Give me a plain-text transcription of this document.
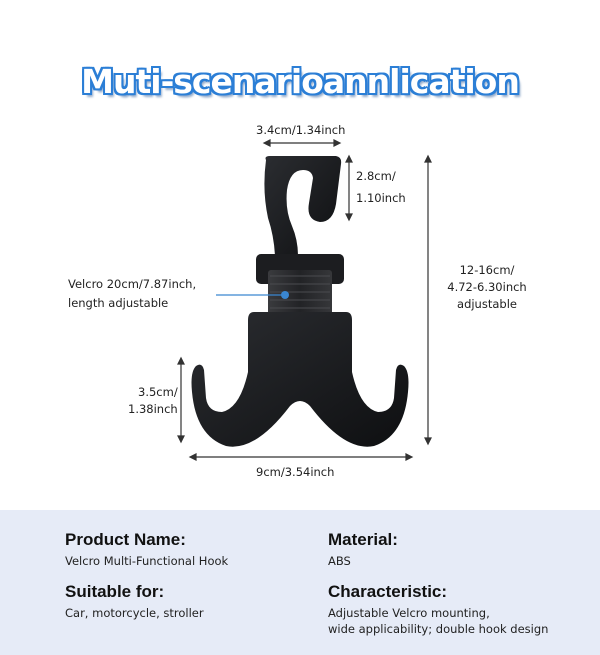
Muti-scenarioannlication
3.4cm/1.34inch
2.8cm/
1.10inch
12-16cm/
4.72-6.30inch
adjustable
Velcro 20cm/7.87inch,
length adjustable
3.5cm/
1.38inch
9cm/3.54inch
Product Name:
Velcro Multi-Functional Hook
Material:
ABS
Suitable for:
Car, motorcycle, stroller
Characteristic:
Adjustable Velcro mounting,
wide applicability; double hook design
